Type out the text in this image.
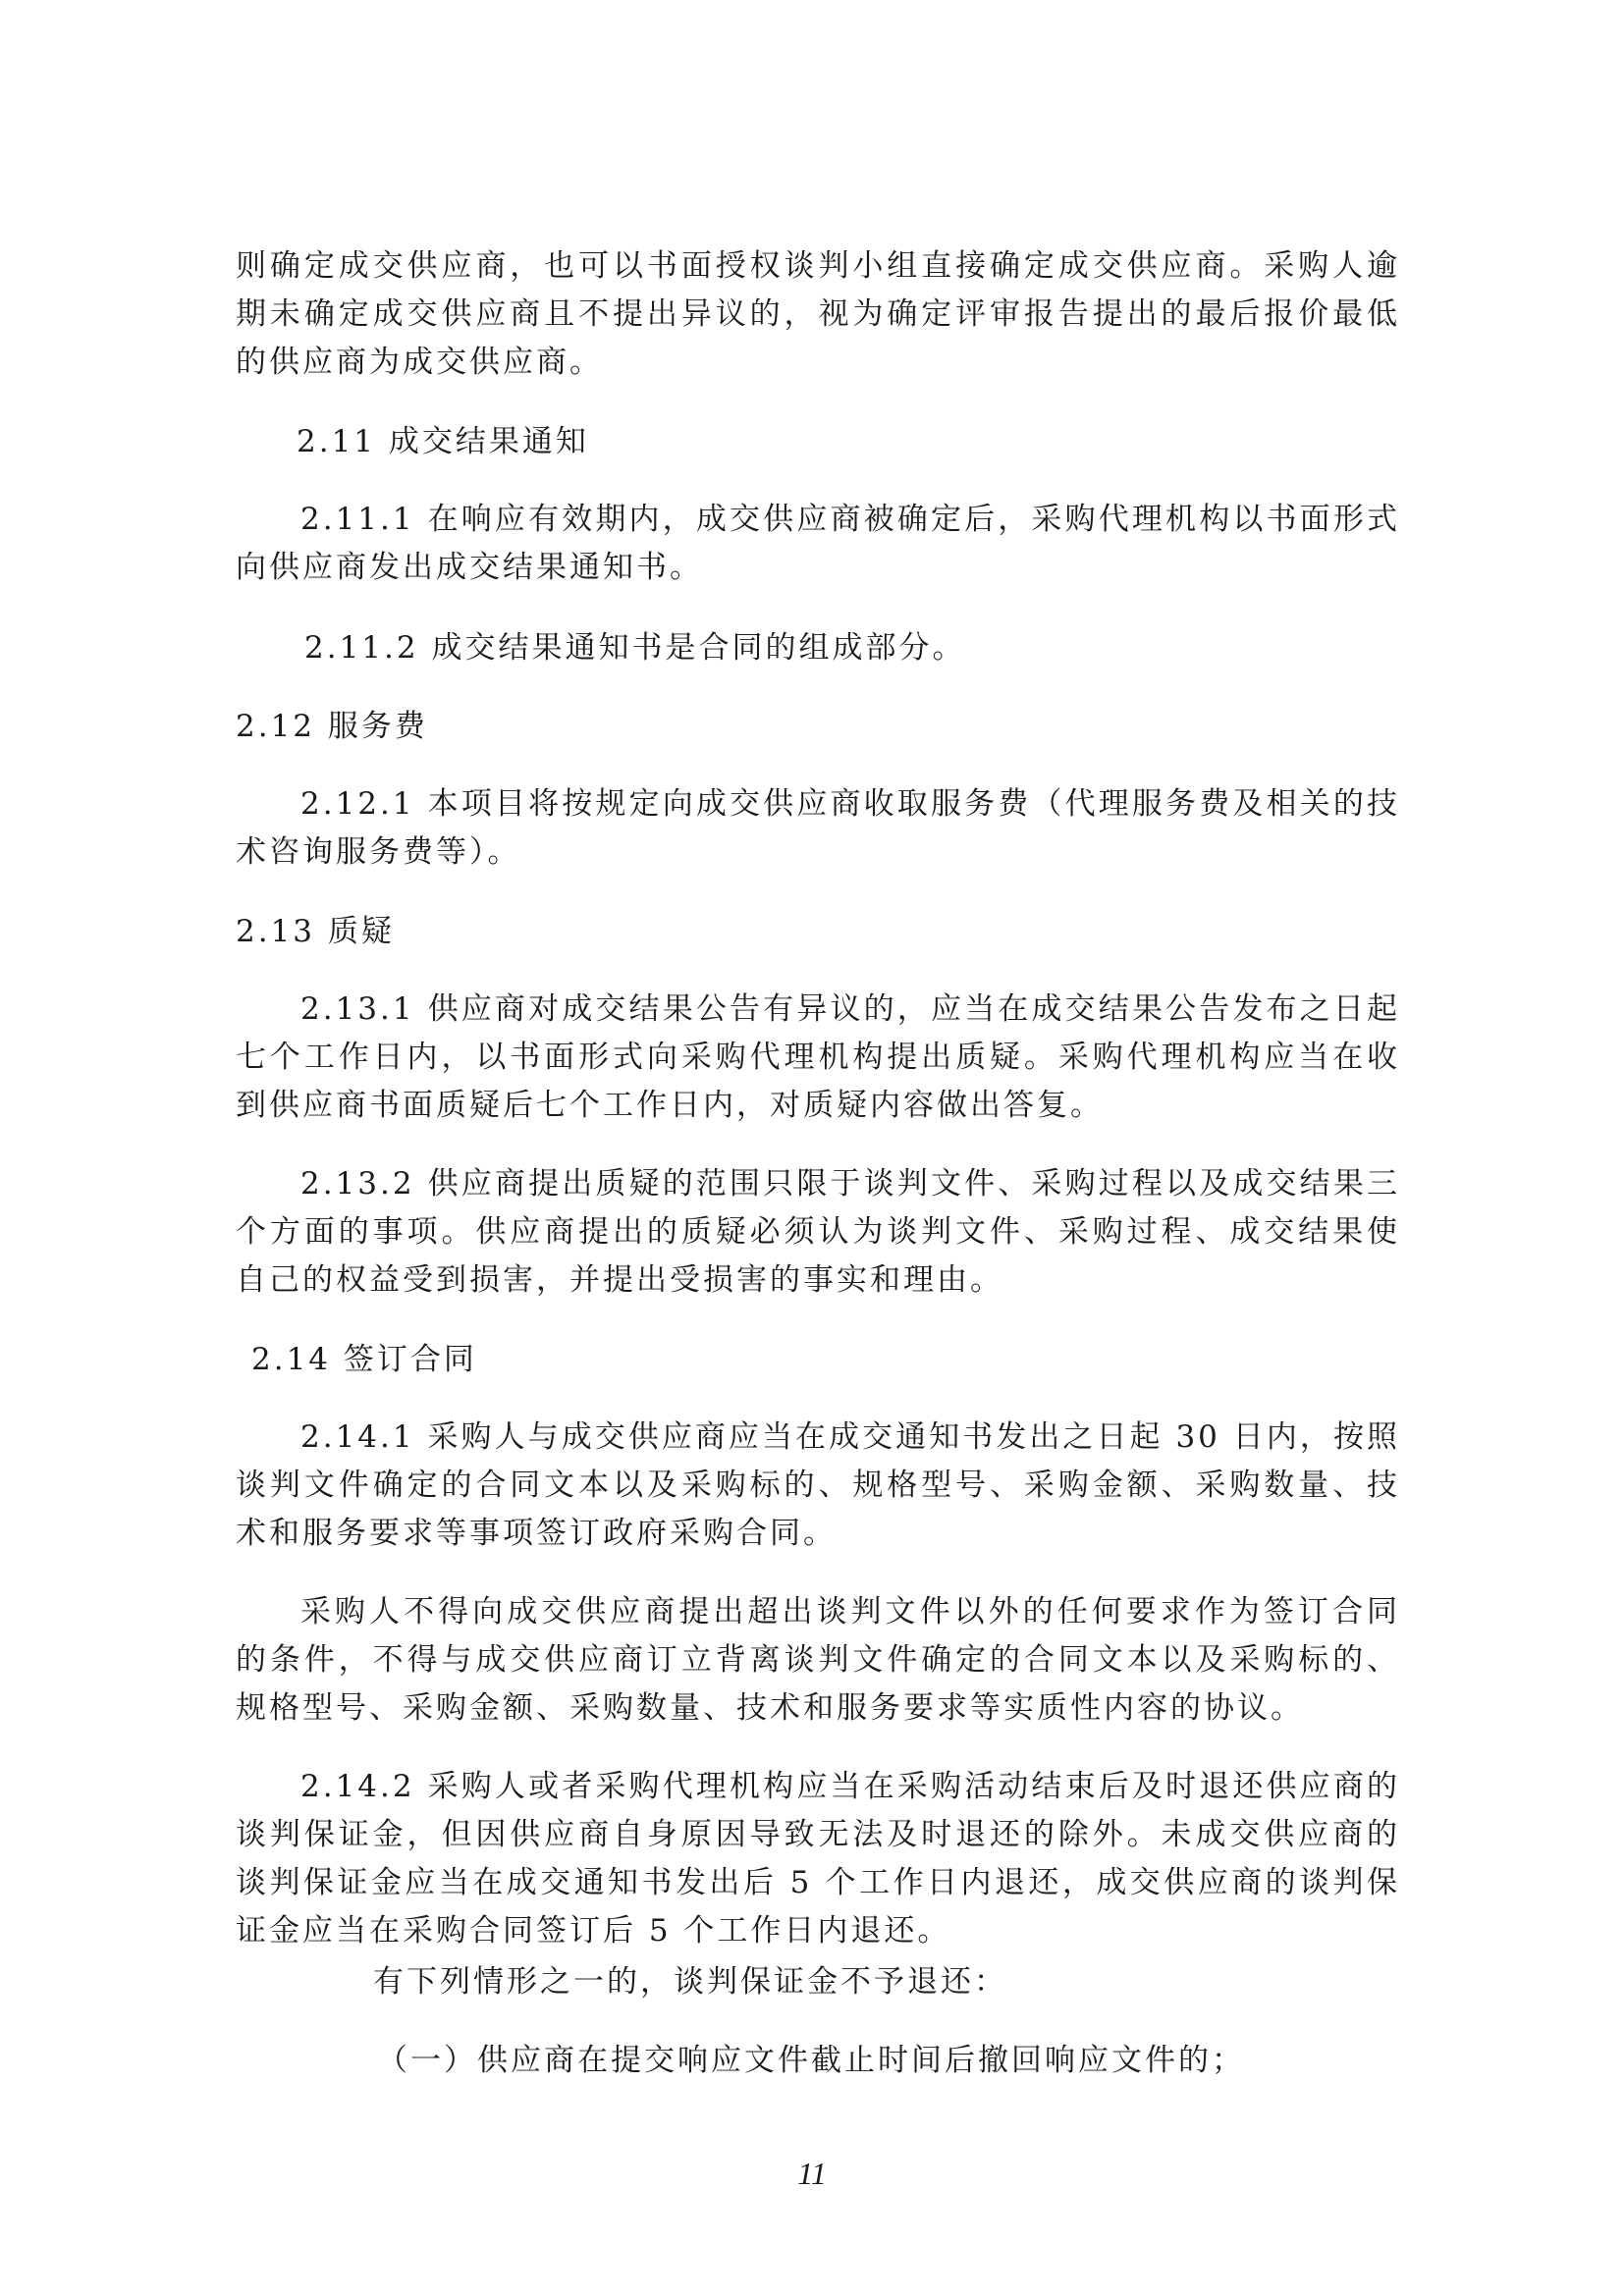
则确定成交供应商，也可以书面授权谈判小组直接确定成交供应商。采购人逾期未确定成交供应商且不提出异议的，视为确定评审报告提出的最后报价最低的供应商为成交供应商。

2.11 成交结果通知

2.11.1 在响应有效期内，成交供应商被确定后，采购代理机构以书面形式向供应商发出成交结果通知书。

2.11.2 成交结果通知书是合同的组成部分。

2.12 服务费

2.12.1 本项目将按规定向成交供应商收取服务费（代理服务费及相关的技术咨询服务费等）。

2.13 质疑

2.13.1 供应商对成交结果公告有异议的，应当在成交结果公告发布之日起七个工作日内，以书面形式向采购代理机构提出质疑。采购代理机构应当在收到供应商书面质疑后七个工作日内，对质疑内容做出答复。

2.13.2 供应商提出质疑的范围只限于谈判文件、采购过程以及成交结果三个方面的事项。供应商提出的质疑必须认为谈判文件、采购过程、成交结果使自己的权益受到损害，并提出受损害的事实和理由。

2.14 签订合同

2.14.1 采购人与成交供应商应当在成交通知书发出之日起 30 日内，按照谈判文件确定的合同文本以及采购标的、规格型号、采购金额、采购数量、技术和服务要求等事项签订政府采购合同。

采购人不得向成交供应商提出超出谈判文件以外的任何要求作为签订合同的条件，不得与成交供应商订立背离谈判文件确定的合同文本以及采购标的、规格型号、采购金额、采购数量、技术和服务要求等实质性内容的协议。

2.14.2 采购人或者采购代理机构应当在采购活动结束后及时退还供应商的谈判保证金，但因供应商自身原因导致无法及时退还的除外。未成交供应商的谈判保证金应当在成交通知书发出后 5 个工作日内退还，成交供应商的谈判保证金应当在采购合同签订后 5 个工作日内退还。

有下列情形之一的，谈判保证金不予退还：

（一）供应商在提交响应文件截止时间后撤回响应文件的；

11
